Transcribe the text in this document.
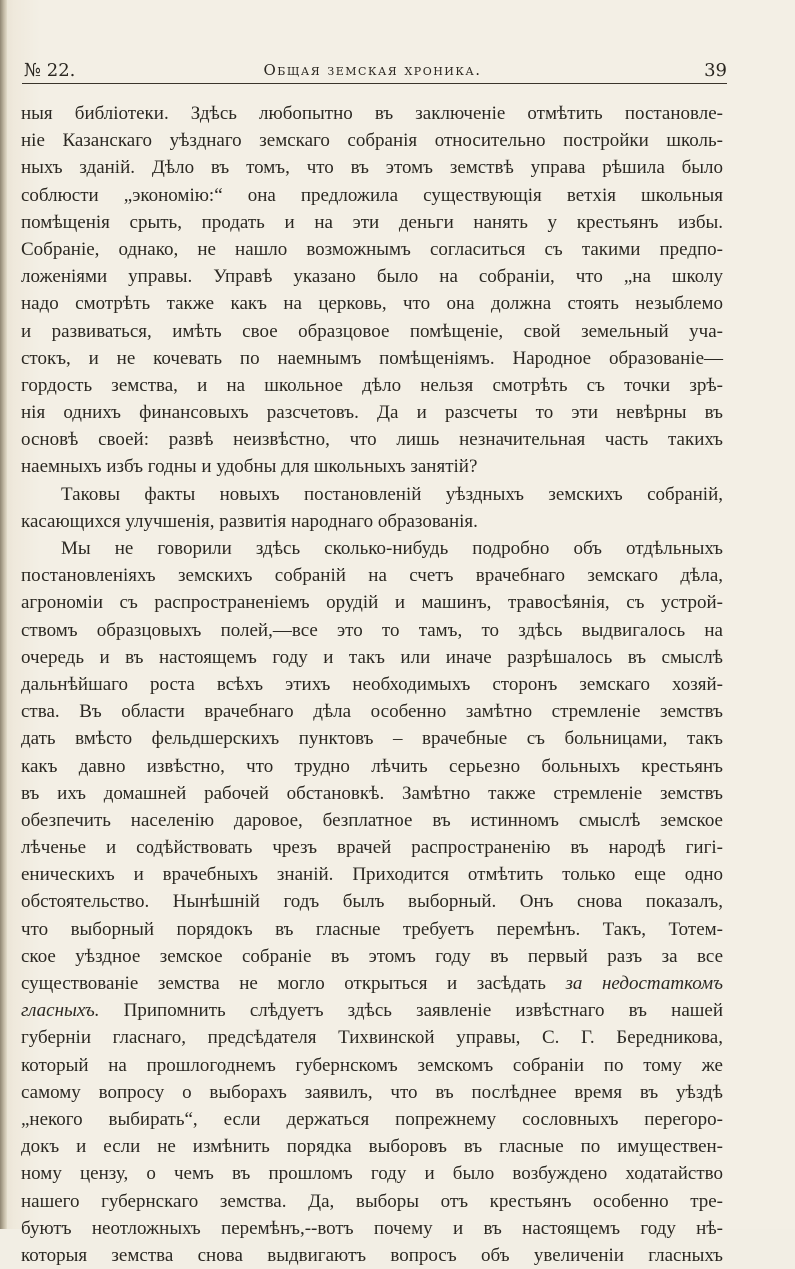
№ 22.	Общая земская хроника.	39
ныя библіотеки. Здѣсь любопытно въ заключеніе отмѣтить постановле-
ніе Казанскаго уѣзднаго земскаго собранія относительно постройки школь-
ныхъ зданій. Дѣло въ томъ, что въ этомъ земствѣ управа рѣшила было
соблюсти „экономію:“ она предложила существующія ветхія школьныя
помѣщенія срыть, продать и на эти деньги нанять у крестьянъ избы.
Собраніе, однако, не нашло возможнымъ согласиться съ такими предпо-
ложеніями управы. Управѣ указано было на собраніи, что „на школу
надо смотрѣть также какъ на церковь, что она должна стоять незыблемо
и развиваться, имѣть свое образцовое помѣщеніе, свой земельный уча-
стокъ, и не кочевать по наемнымъ помѣщеніямъ. Народное образованіе—
гордость земства, и на школьное дѣло нельзя смотрѣть съ точки зрѣ-
нія однихъ финансовыхъ разсчетовъ. Да и разсчеты то эти невѣрны въ
основѣ своей: развѣ неизвѣстно, что лишь незначительная часть такихъ
наемныхъ избъ годны и удобны для школьныхъ занятій?
Таковы факты новыхъ постановленій уѣздныхъ земскихъ собраній,
касающихся улучшенія, развитія народнаго образованія.
Мы не говорили здѣсь сколько-нибудь подробно объ отдѣльныхъ
постановленіяхъ земскихъ собраній на счетъ врачебнаго земскаго дѣла,
агрономіи съ распространеніемъ орудій и машинъ, травосѣянія, съ устрой-
ствомъ образцовыхъ полей,—все это то тамъ, то здѣсь выдвигалось на
очередь и въ настоящемъ году и такъ или иначе разрѣшалось въ смыслѣ
дальнѣйшаго роста всѣхъ этихъ необходимыхъ сторонъ земскаго хозяй-
ства. Въ области врачебнаго дѣла особенно замѣтно стремленіе земствъ
дать вмѣсто фельдшерскихъ пунктовъ – врачебные съ больницами, такъ
какъ давно извѣстно, что трудно лѣчить серьезно больныхъ крестьянъ
въ ихъ домашней рабочей обстановкѣ. Замѣтно также стремленіе земствъ
обезпечить населенію даровое, безплатное въ истинномъ смыслѣ земское
лѣченье и содѣйствовать чрезъ врачей распространенію въ народѣ гигі-
еническихъ и врачебныхъ знаній. Приходится отмѣтить только еще одно
обстоятельство. Нынѣшній годъ былъ выборный. Онъ снова показалъ,
что выборный порядокъ въ гласные требуетъ перемѣнъ. Такъ, Тотем-
ское уѣздное земское собраніе въ этомъ году въ первый разъ за все
существованіе земства не могло открыться и засѣдать за недостаткомъ
гласныхъ. Припомнить слѣдуетъ здѣсь заявленіе извѣстнаго въ нашей
губерніи гласнаго, предсѣдателя Тихвинской управы, С. Г. Бередникова,
который на прошлогоднемъ губернскомъ земскомъ собраніи по тому же
самому вопросу о выборахъ заявилъ, что въ послѣднее время въ уѣздѣ
„некого выбирать“, если держаться попрежнему сословныхъ перегоро-
докъ и если не измѣнить порядка выборовъ въ гласные по имуществен-
ному цензу, о чемъ въ прошломъ году и было возбуждено ходатайство
нашего губернскаго земства. Да, выборы отъ крестьянъ особенно тре-
буютъ неотложныхъ перемѣнъ,--вотъ почему и въ настоящемъ году нѣ-
которыя земства снова выдвигаютъ вопросъ объ увеличеніи гласныхъ
